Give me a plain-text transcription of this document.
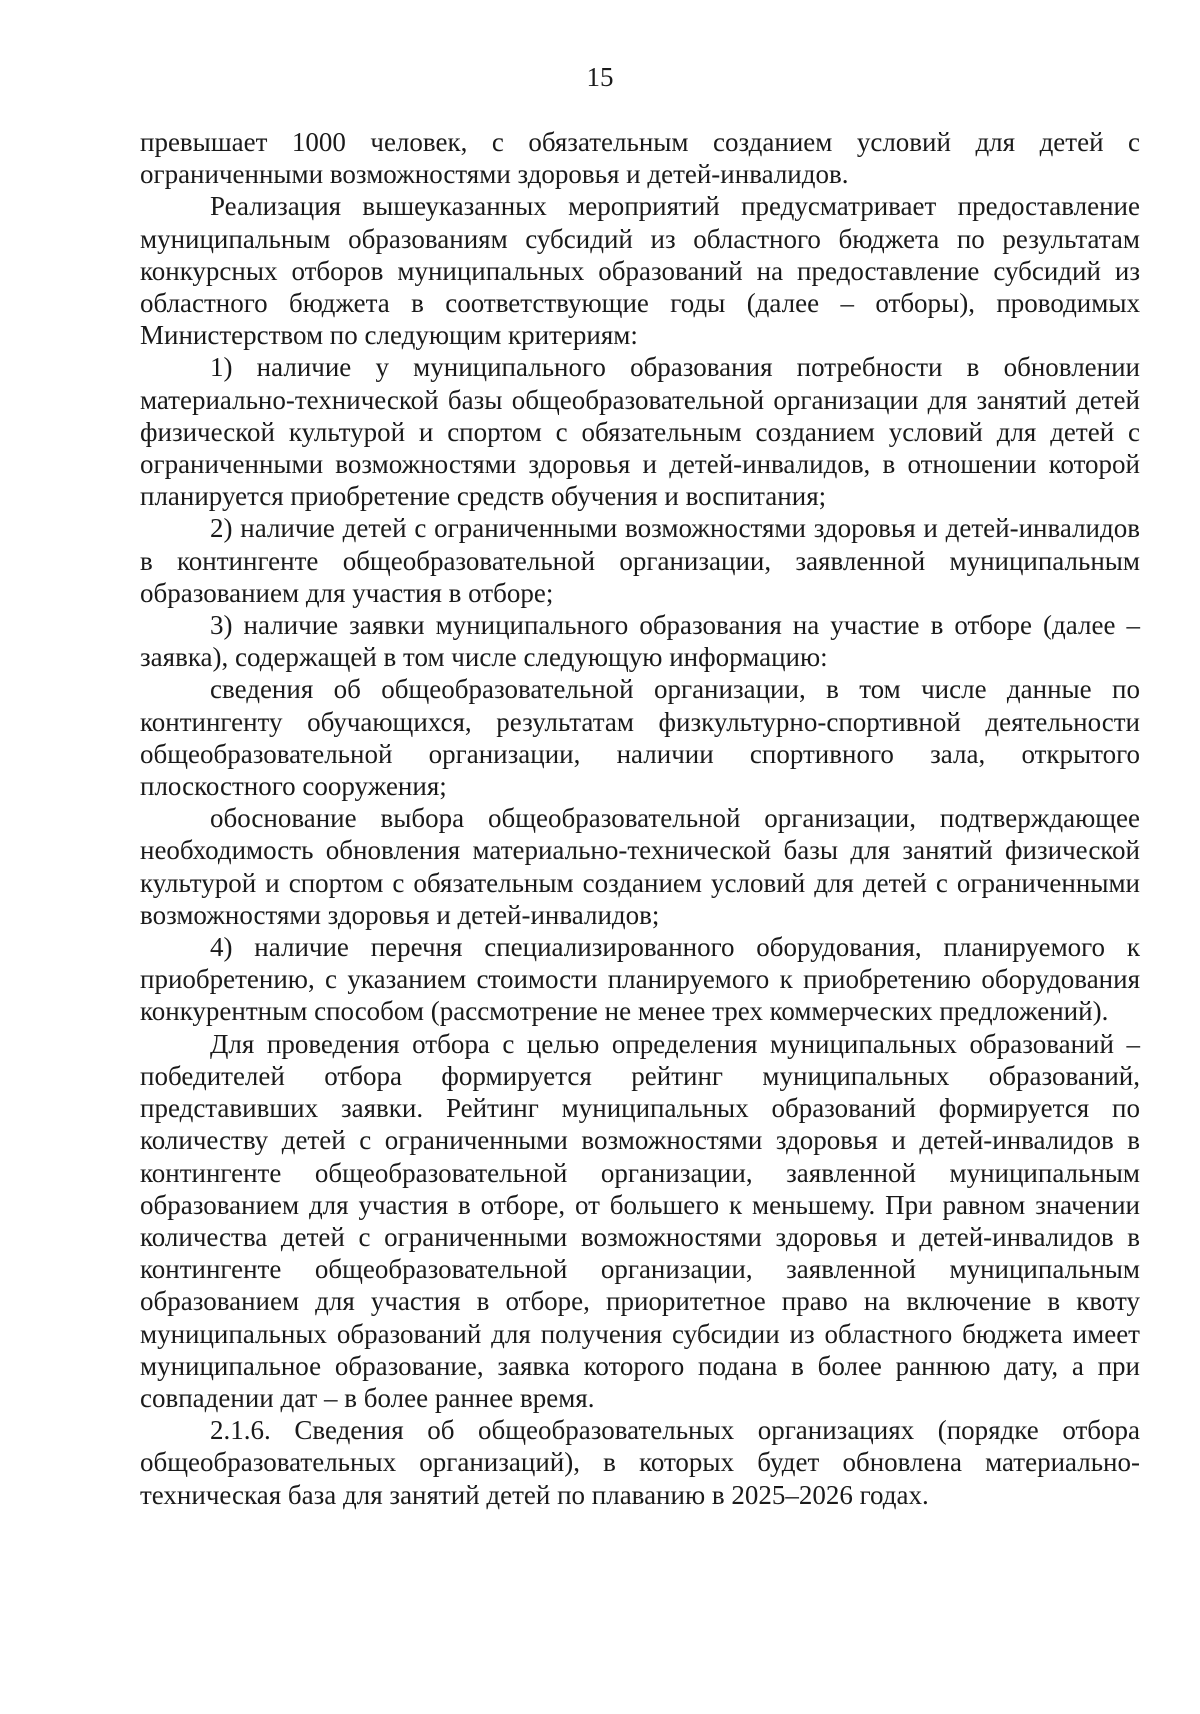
15

превышает 1000 человек, с обязательным созданием условий для детей с ограниченными возможностями здоровья и детей-инвалидов.

Реализация вышеуказанных мероприятий предусматривает предоставление муниципальным образованиям субсидий из областного бюджета по результатам конкурсных отборов муниципальных образований на предоставление субсидий из областного бюджета в соответствующие годы (далее – отборы), проводимых Министерством по следующим критериям:

1) наличие у муниципального образования потребности в обновлении материально-технической базы общеобразовательной организации для занятий детей физической культурой и спортом с обязательным созданием условий для детей с ограниченными возможностями здоровья и детей-инвалидов, в отношении которой планируется приобретение средств обучения и воспитания;

2) наличие детей с ограниченными возможностями здоровья и детей-инвалидов в контингенте общеобразовательной организации, заявленной муниципальным образованием для участия в отборе;

3) наличие заявки муниципального образования на участие в отборе (далее – заявка), содержащей в том числе следующую информацию:

сведения об общеобразовательной организации, в том числе данные по контингенту обучающихся, результатам физкультурно-спортивной деятельности общеобразовательной организации, наличии спортивного зала, открытого плоскостного сооружения;

обоснование выбора общеобразовательной организации, подтверждающее необходимость обновления материально-технической базы для занятий физической культурой и спортом с обязательным созданием условий для детей с ограниченными возможностями здоровья и детей-инвалидов;

4) наличие перечня специализированного оборудования, планируемого к приобретению, с указанием стоимости планируемого к приобретению оборудования конкурентным способом (рассмотрение не менее трех коммерческих предложений).

Для проведения отбора с целью определения муниципальных образований – победителей отбора формируется рейтинг муниципальных образований, представивших заявки. Рейтинг муниципальных образований формируется по количеству детей с ограниченными возможностями здоровья и детей-инвалидов в контингенте общеобразовательной организации, заявленной муниципальным образованием для участия в отборе, от большего к меньшему. При равном значении количества детей с ограниченными возможностями здоровья и детей-инвалидов в контингенте общеобразовательной организации, заявленной муниципальным образованием для участия в отборе, приоритетное право на включение в квоту муниципальных образований для получения субсидии из областного бюджета имеет муниципальное образование, заявка которого подана в более раннюю дату, а при совпадении дат – в более раннее время.

2.1.6. Сведения об общеобразовательных организациях (порядке отбора общеобразовательных организаций), в которых будет обновлена материально-техническая база для занятий детей по плаванию в 2025–2026 годах.
